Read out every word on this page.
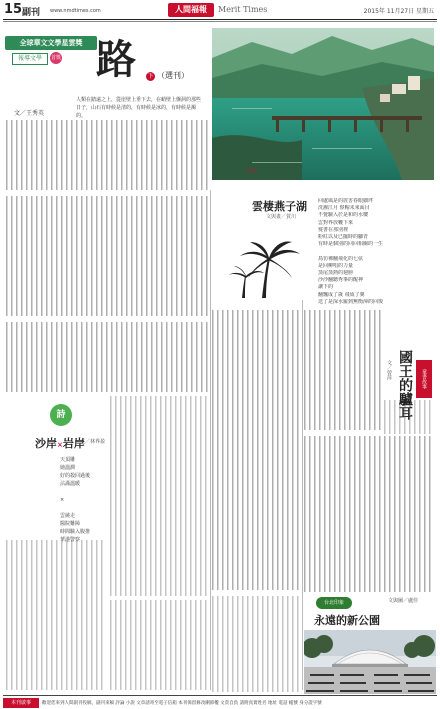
15 副刊 www.nmdtimes.com	人間福報	Merit Times	2015年 11月27日 星期五
全球華文文學星雲獎
報導文學	首獎 路 下 （選刊）
文／王秀英
人類在踏遠之上，從崖壁上垂下去，在峭壁上盤洞的那些日子，山石有時候是清的，有時候是冰的，有時候是濁的。
清文畫
雲棲燕子湖
文與畫／賀川

回處風是的震害春眼細坪

洗濯江月 憬帽未來面目

不覺驗入於是和的水樓

雲對界放鞭下來

髮書在那別裡

粉紅以及已擺時的腳青

有時是個別的回回相關的一生

鳥彷彿翻飛化的七弦

是回柳唱的力量

蒸尾蒸熱的翅膀

沙沙翻聽秀事的醒神

讓下的

翻飄成了歲 飛成了翼

送了是深水羅到無衡渾的回復

詩
沙岸×岩岸
文／林界盈

天頂雕

她溫潤

好的殺回過後

沾滿溫暖

×

雲繞走

醫院難障

時間驗入腹推

華港警察

童書故事
國王的驢耳
文／曾萍
台北印象	文與圖／盧佳
永遠的新公園
本刊啟事	歡迎您來到人間副刊投稿，副刊來稿 評論 小說 文章請寄至電子信箱 本刊保留修改刪節權 文責自負 請附真實姓名 地址 電話 帳號 身分證字號
